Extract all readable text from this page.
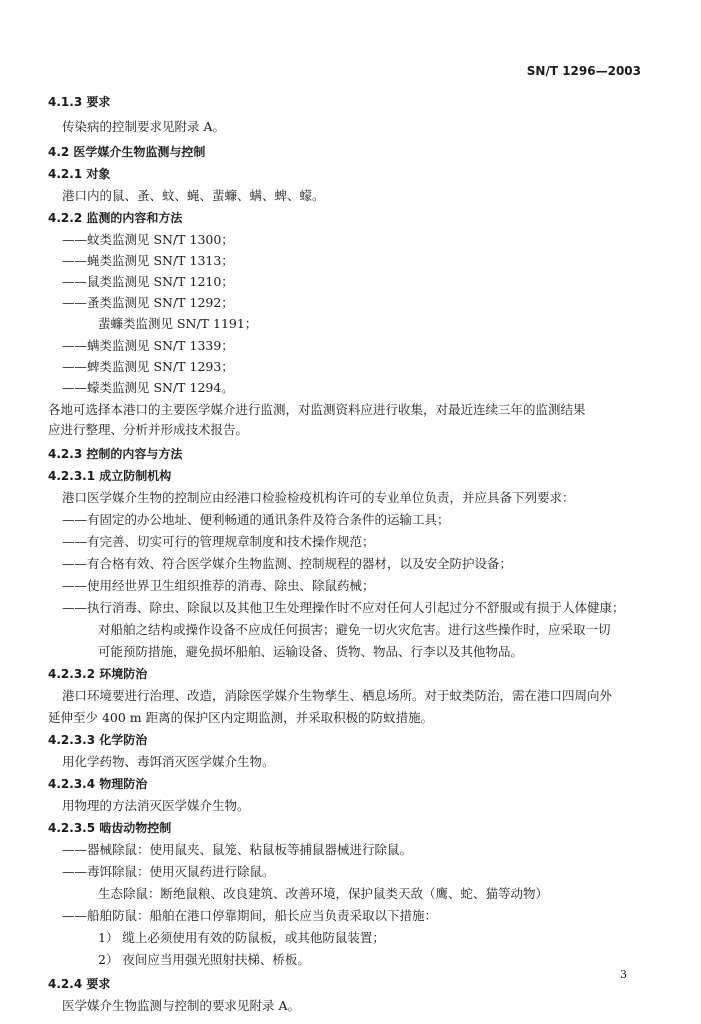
SN/T 1296—2003
4.1.3 要求
传染病的控制要求见附录 A。
4.2 医学媒介生物监测与控制
4.2.1 对象
港口内的鼠、蚤、蚊、蝇、蜚蠊、螨、蜱、蠓。
4.2.2 监测的内容和方法
——蚊类监测见 SN/T 1300；
——蝇类监测见 SN/T 1313；
——鼠类监测见 SN/T 1210；
——蚤类监测见 SN/T 1292；
蜚蠊类监测见 SN/T 1191；
——螨类监测见 SN/T 1339；
——蜱类监测见 SN/T 1293；
——蠓类监测见 SN/T 1294。
各地可选择本港口的主要医学媒介进行监测，对监测资料应进行收集，对最近连续三年的监测结果
应进行整理、分析并形成技术报告。
4.2.3 控制的内容与方法
4.2.3.1 成立防制机构
港口医学媒介生物的控制应由经港口检验检疫机构许可的专业单位负责，并应具备下列要求：
——有固定的办公地址、便利畅通的通讯条件及符合条件的运输工具；
——有完善、切实可行的管理规章制度和技术操作规范；
——有合格有效、符合医学媒介生物监测、控制规程的器材，以及安全防护设备；
——使用经世界卫生组织推荐的消毒、除虫、除鼠药械；
——执行消毒、除虫、除鼠以及其他卫生处理操作时不应对任何人引起过分不舒服或有损于人体健康；
对船舶之结构或操作设备不应成任何损害；避免一切火灾危害。进行这些操作时，应采取一切
可能预防措施，避免损坏船舶、运输设备、货物、物品、行李以及其他物品。
4.2.3.2 环境防治
港口环境要进行治理、改造，消除医学媒介生物孳生、栖息场所。对于蚊类防治，需在港口四周向外
延伸至少 400 m 距离的保护区内定期监测，并采取积极的防蚊措施。
4.2.3.3 化学防治
用化学药物、毒饵消灭医学媒介生物。
4.2.3.4 物理防治
用物理的方法消灭医学媒介生物。
4.2.3.5 啮齿动物控制
——器械除鼠：使用鼠夹、鼠笼、粘鼠板等捕鼠器械进行除鼠。
——毒饵除鼠：使用灭鼠药进行除鼠。
生态除鼠：断绝鼠粮、改良建筑、改善环境，保护鼠类天敌（鹰、蛇、猫等动物）
——船舶防鼠：船舶在港口停靠期间，船长应当负责采取以下措施：
1） 缆上必须使用有效的防鼠板，或其他防鼠装置；
2） 夜间应当用强光照射扶梯、桥板。
4.2.4 要求
医学媒介生物监测与控制的要求见附录 A。
3
